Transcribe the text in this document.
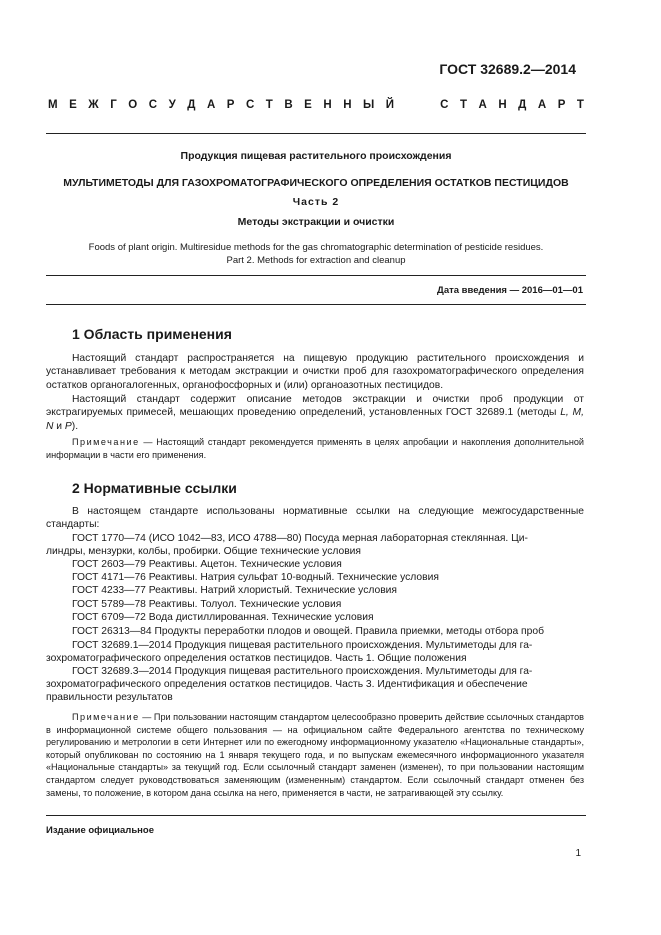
ГОСТ 32689.2—2014
М Е Ж Г О С У Д А Р С Т В Е Н Н Ы Й	С Т А Н Д А Р Т
Продукция пищевая растительного происхождения
МУЛЬТИМЕТОДЫ ДЛЯ ГАЗОХРОМАТОГРАФИЧЕСКОГО ОПРЕДЕЛЕНИЯ ОСТАТКОВ ПЕСТИЦИДОВ
Часть 2
Методы экстракции и очистки
Foods of plant origin. Multiresidue methods for the gas chromatographic determination of pesticide residues.
Part 2. Methods for extraction and cleanup
Дата введения — 2016—01—01
1 Область применения

Настоящий стандарт распространяется на пищевую продукцию растительного происхождения и устанавливает требования к методам экстракции и очистки проб для газохроматографического определения остатков органогалогенных, органофосфорных и (или) органоазотных пестицидов.

Настоящий стандарт содержит описание методов экстракции и очистки проб продукции от экстрагируемых примесей, мешающих проведению определений, установленных ГОСТ 32689.1 (методы L, M, N и P).

Примечание — Настоящий стандарт рекомендуется применять в целях апробации и накопления дополнительной информации в части его применения.

2 Нормативные ссылки

В настоящем стандарте использованы нормативные ссылки на следующие межгосударственные стандарты:

ГОСТ 1770—74 (ИСО 1042—83, ИСО 4788—80) Посуда мерная лабораторная стеклянная. Ци-
линдры, мензурки, колбы, пробирки. Общие технические условия
ГОСТ 2603—79 Реактивы. Ацетон. Технические условия
ГОСТ 4171—76 Реактивы. Натрия сульфат 10-водный. Технические условия
ГОСТ 4233—77 Реактивы. Натрий хлористый. Технические условия
ГОСТ 5789—78 Реактивы. Толуол. Технические условия
ГОСТ 6709—72 Вода дистиллированная. Технические условия
ГОСТ 26313—84 Продукты переработки плодов и овощей. Правила приемки, методы отбора проб
ГОСТ 32689.1—2014 Продукция пищевая растительного происхождения. Мультиметоды для га-
зохроматографического определения остатков пестицидов. Часть 1. Общие положения
ГОСТ 32689.3—2014 Продукция пищевая растительного происхождения. Мультиметоды для га-
зохроматографического определения остатков пестицидов. Часть 3. Идентификация и обеспечение
правильности результатов

Примечание — При пользовании настоящим стандартом целесообразно проверить действие ссылочных стандартов в информационной системе общего пользования — на официальном сайте Федерального агентства по техническому регулированию и метрологии в сети Интернет или по ежегодному информационному указателю «Национальные стандарты», который опубликован по состоянию на 1 января текущего года, и по выпускам ежемесячного информационного указателя «Национальные стандарты» за текущий год. Если ссылочный стандарт заменен (изменен), то при пользовании настоящим стандартом следует руководствоваться заменяющим (измененным) стандартом. Если ссылочный стандарт отменен без замены, то положение, в котором дана ссылка на него, применяется в части, не затрагивающей эту ссылку.

Издание официальное
1
